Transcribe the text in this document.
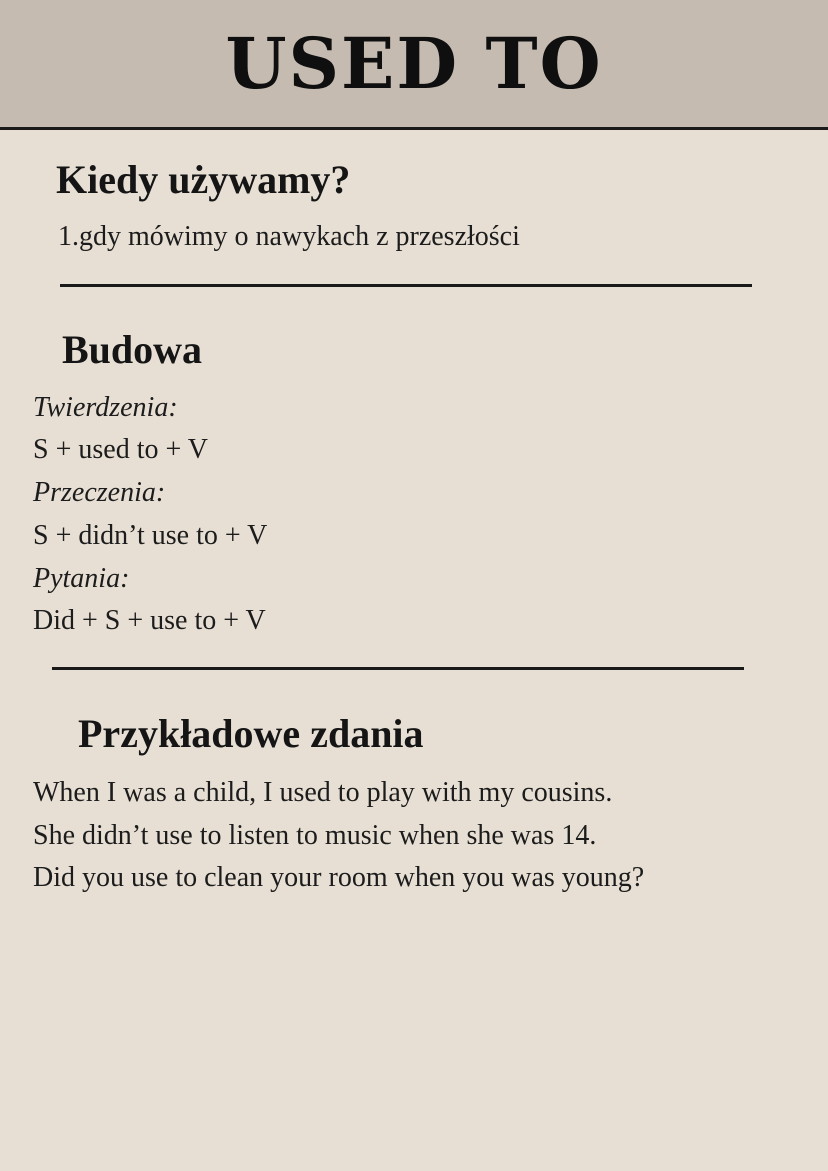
USED TO
Kiedy używamy?

1.gdy mówimy o nawykach z przeszłości

Budowa

Twierdzenia:

S + used to + V

Przeczenia:

S + didn’t use to + V

Pytania:

Did + S + use to + V

Przykładowe zdania

When I was a child, I used to play with my cousins.

She didn’t use to listen to music when she was 14.

Did you use to clean your room when you was young?
